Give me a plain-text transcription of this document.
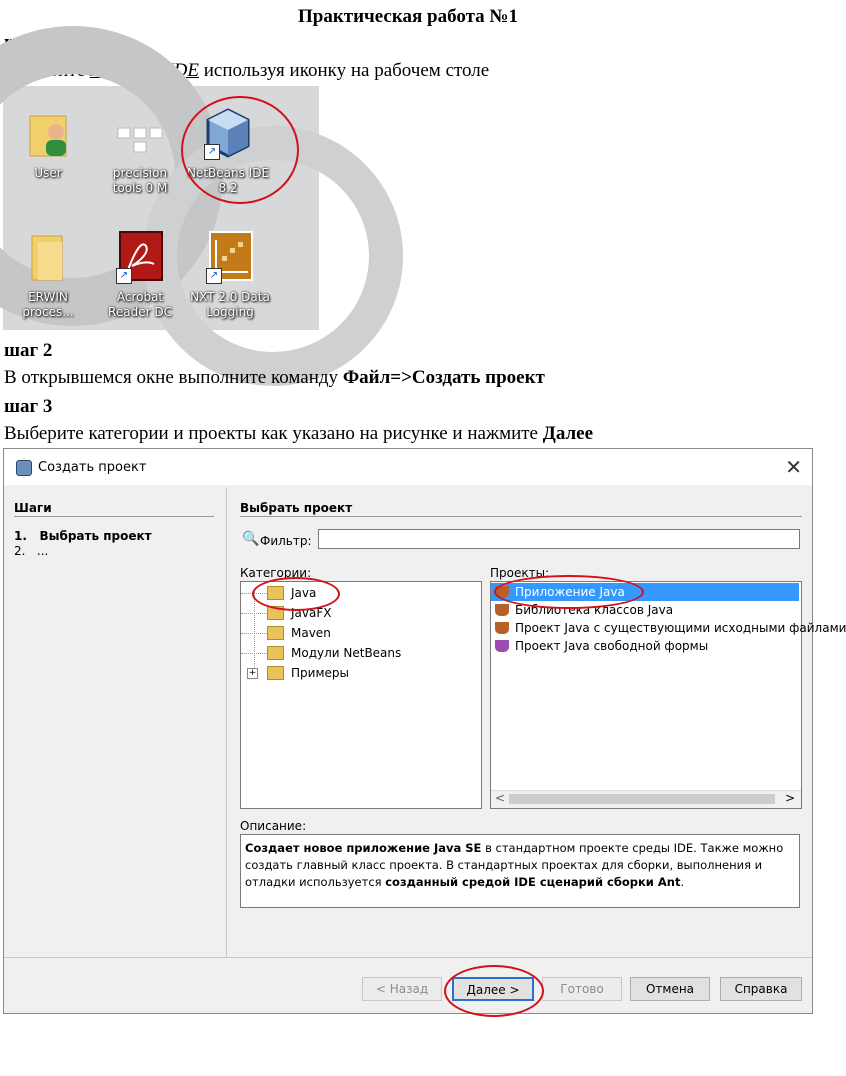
Практическая работа №1
шаг 1
Запустите NetBeans IDE используя иконку на рабочем столе
User	precision
tools 0 M
↗
NetBeans IDE
8.2
ERWIN
proces...
↗
Acrobat
Reader DC
↗
NXT 2.0 Data
Logging
шаг 2
В открывшемся окне выполните команду Файл=>Создать проект
шаг 3
Выберите категории и проекты как указано на рисунке и нажмите Далее
Создать проект	✕
Шаги
1. Выбрать проект
2. ...
Выбрать проект
🔍 Фильтр:
Категории:
Java
JavaFX
Maven
Модули NetBeans
+	Примеры
Проекты:
Приложение Java
Библиотека классов Java
Проект Java с существующими исходными файлами
Проект Java свободной формы
<	>
Описание:
Создает новое приложение Java SE в стандартном проекте среды IDE. Также можно создать главный класс проекта. В стандартных проектах для сборки, выполнения и отладки используется созданный средой IDE сценарий сборки Ant.
< Назад	Далее >	Готово	Отмена	Справка
